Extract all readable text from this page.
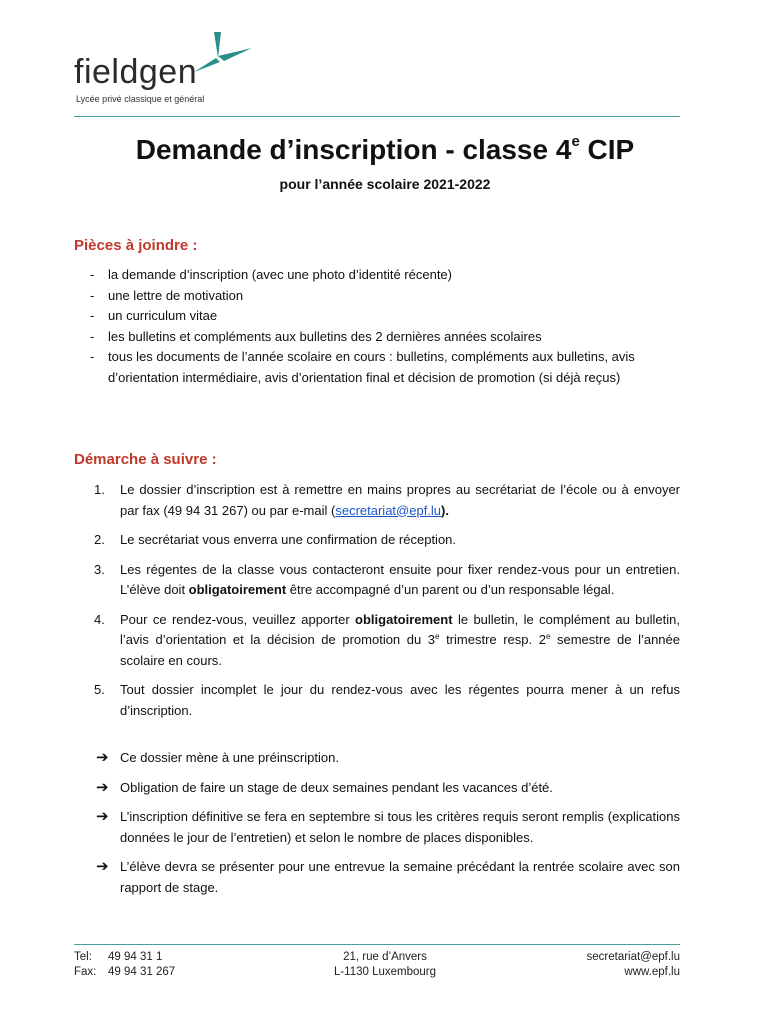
fieldgen
Lycée privé classique et général
Demande d’inscription - classe 4e CIP
pour l’année scolaire 2021-2022
Pièces à joindre :
- la demande d’inscription (avec une photo d’identité récente)
- une lettre de motivation
- un curriculum vitae
- les bulletins et compléments aux bulletins des 2 dernières années scolaires
- tous les documents de l’année scolaire en cours : bulletins, compléments aux bulletins, avis d’orientation intermédiaire, avis d’orientation final et décision de promotion (si déjà reçus)
Démarche à suivre :
1. Le dossier d’inscription est à remettre en mains propres au secrétariat de l’école ou à envoyer par fax (49 94 31 267) ou par e-mail (secretariat@epf.lu).
2. Le secrétariat vous enverra une confirmation de réception.
3. Les régentes de la classe vous contacteront ensuite pour fixer rendez-vous pour un entretien. L’élève doit obligatoirement être accompagné d’un parent ou d’un responsable légal.
4. Pour ce rendez-vous, veuillez apporter obligatoirement le bulletin, le complément au bulletin, l’avis d’orientation et la décision de promotion du 3e trimestre resp. 2e semestre de l’année scolaire en cours.
5. Tout dossier incomplet le jour du rendez-vous avec les régentes pourra mener à un refus d’inscription.
➔ Ce dossier mène à une préinscription.
➔ Obligation de faire un stage de deux semaines pendant les vacances d’été.
➔ L’inscription définitive se fera en septembre si tous les critères requis seront remplis (explications données le jour de l’entretien) et selon le nombre de places disponibles.
➔ L’élève devra se présenter pour une entrevue la semaine précédant la rentrée scolaire avec son rapport de stage.
Tel: 49 94 31 1
Fax: 49 94 31 267
21, rue d’Anvers
L-1130 Luxembourg
secretariat@epf.lu
www.epf.lu
